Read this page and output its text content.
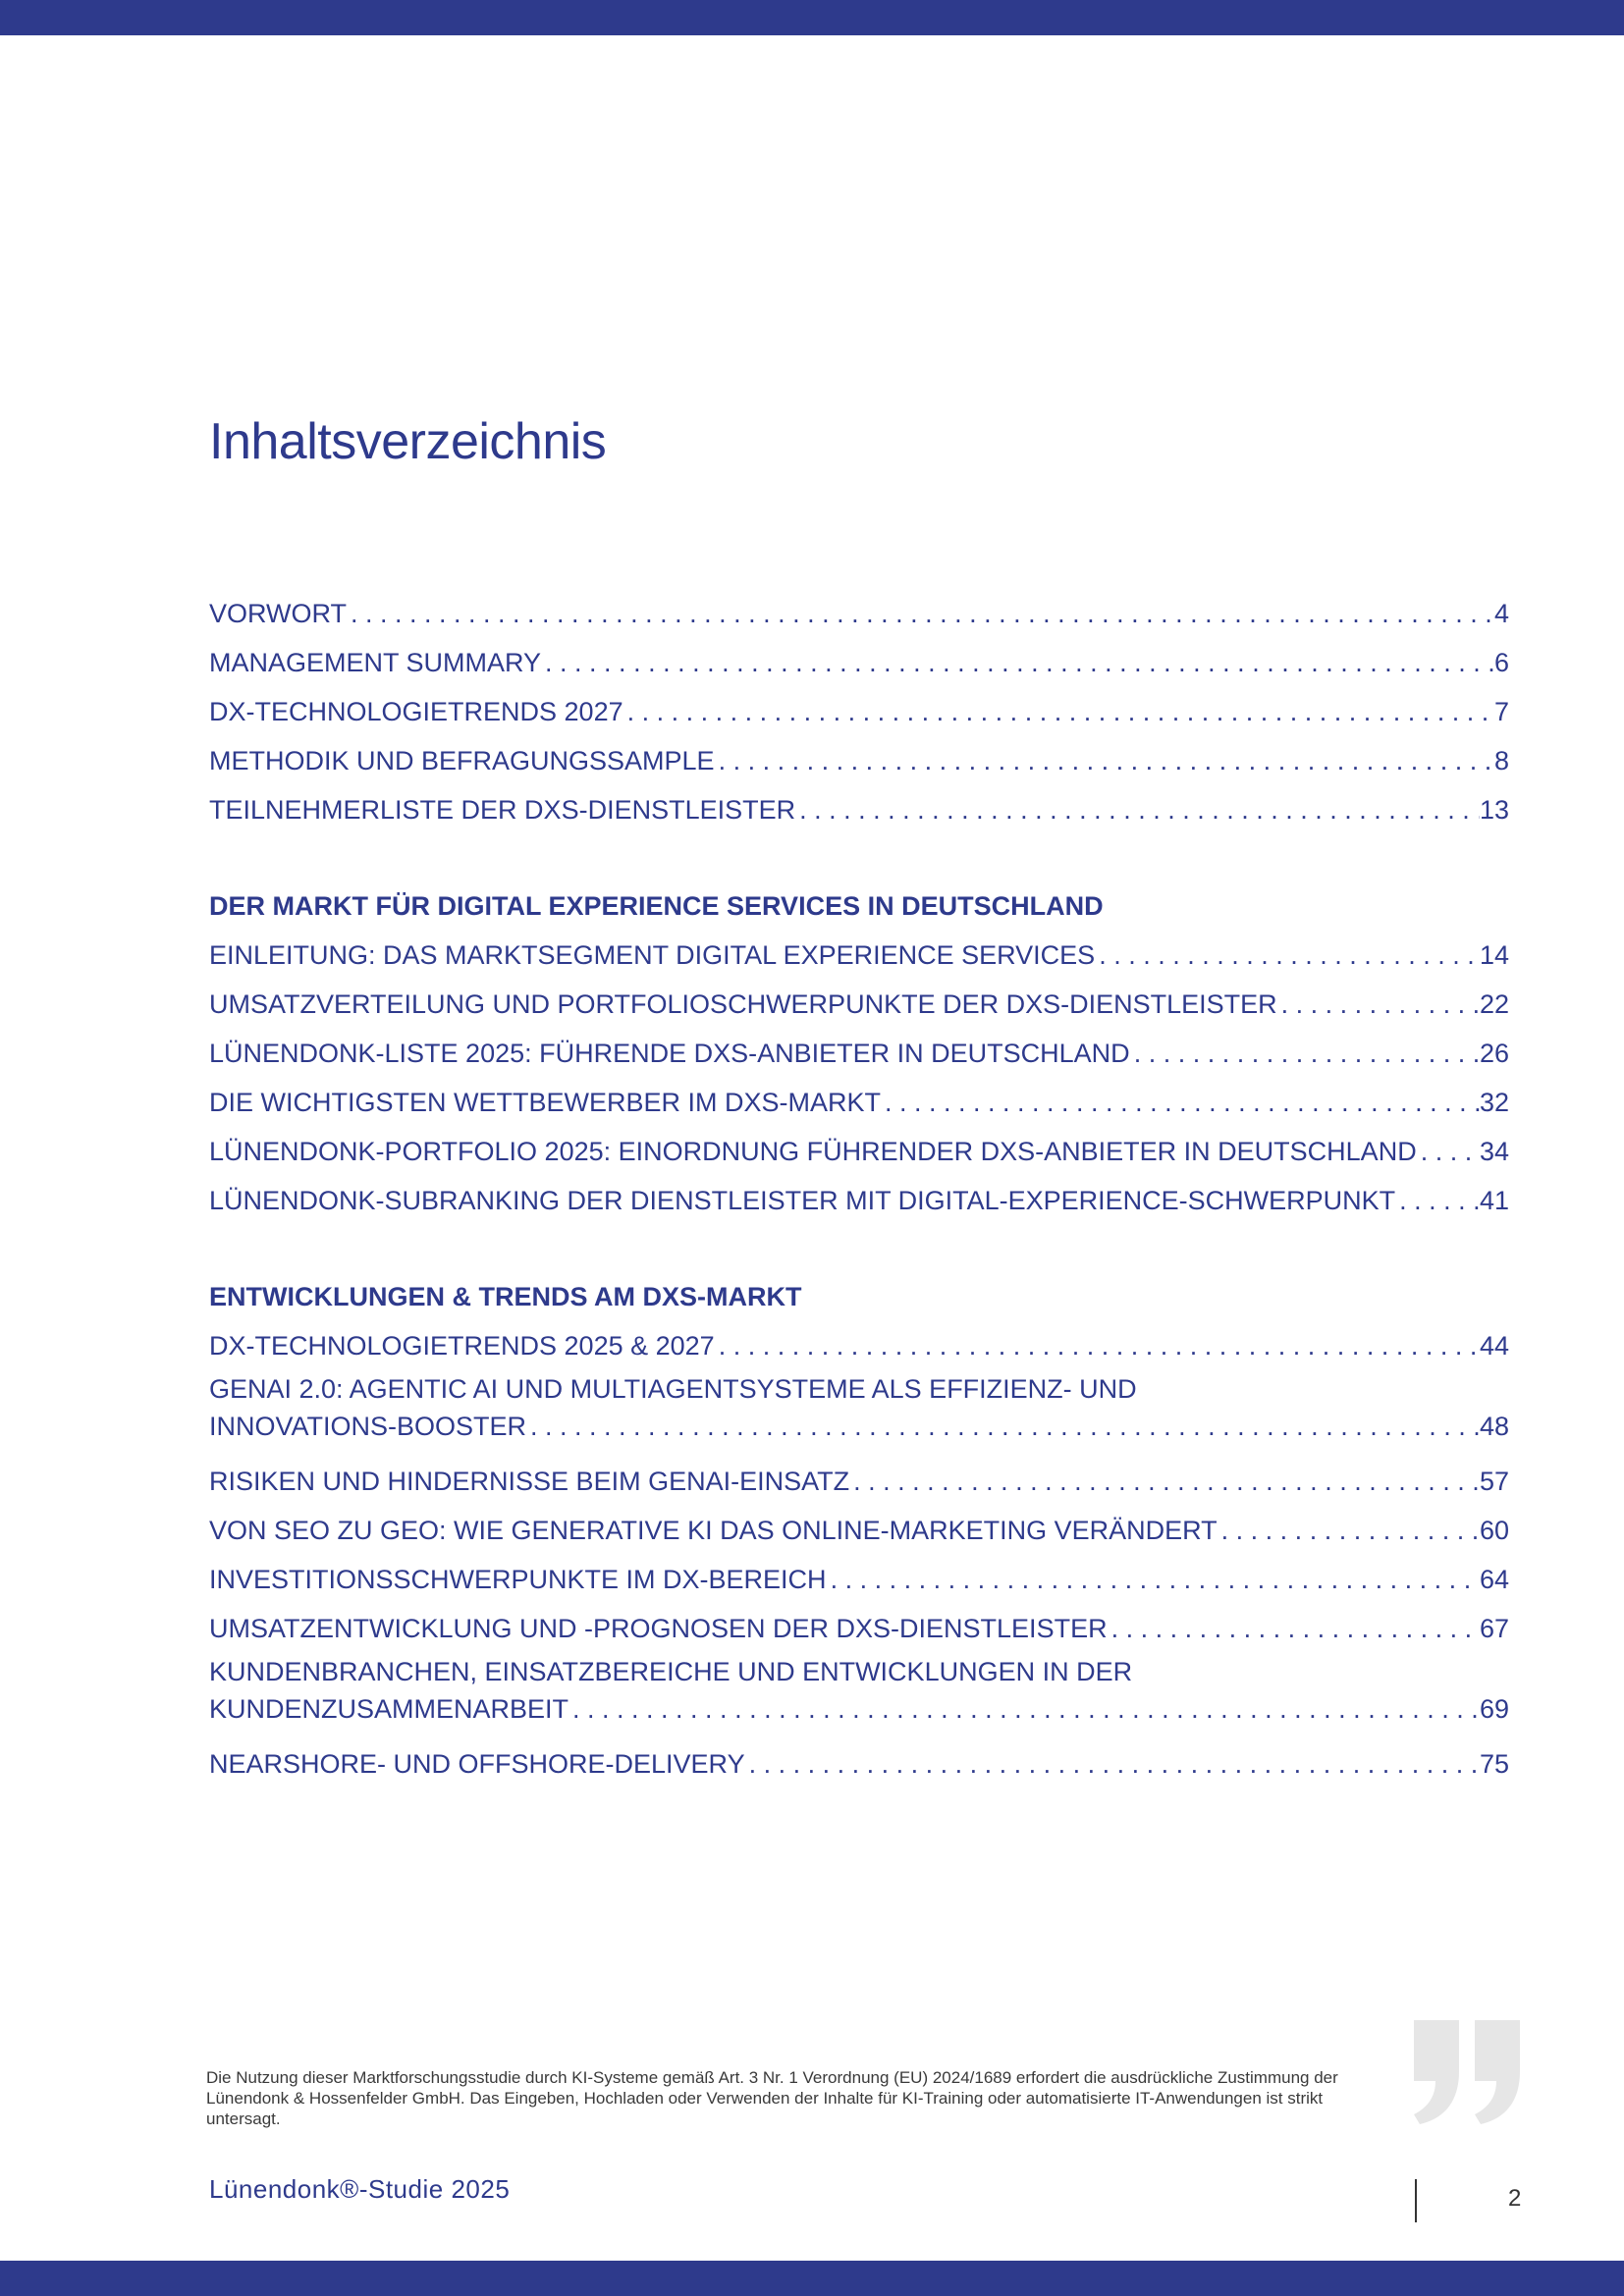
Inhaltsverzeichnis
VORWORT . . .	4
MANAGEMENT SUMMARY . . .	6
DX-TECHNOLOGIETRENDS 2027 . . .	7
METHODIK UND BEFRAGUNGSSAMPLE . . .	8
TEILNEHMERLISTE DER DXS-DIENSTLEISTER . . .	13
DER MARKT FÜR DIGITAL EXPERIENCE SERVICES IN DEUTSCHLAND
EINLEITUNG: DAS MARKTSEGMENT DIGITAL EXPERIENCE SERVICES . . .	14
UMSATZVERTEILUNG UND PORTFOLIOSCHWERPUNKTE DER DXS-DIENSTLEISTER . . .	22
LÜNENDONK-LISTE 2025: FÜHRENDE DXS-ANBIETER IN DEUTSCHLAND . . .	26
DIE WICHTIGSTEN WETTBEWERBER IM DXS-MARKT . . .	32
LÜNENDONK-PORTFOLIO 2025: EINORDNUNG FÜHRENDER DXS-ANBIETER IN DEUTSCHLAND . . . 34
LÜNENDONK-SUBRANKING DER DIENSTLEISTER MIT DIGITAL-EXPERIENCE-SCHWERPUNKT . . .	41
ENTWICKLUNGEN & TRENDS AM DXS-MARKT
DX-TECHNOLOGIETRENDS 2025 & 2027 . . .	44
GENAI 2.0: AGENTIC AI UND MULTIAGENTSYSTEME ALS EFFIZIENZ- UND
INNOVATIONS-BOOSTER . . .	48
RISIKEN UND HINDERNISSE BEIM GENAI-EINSATZ . . .	57
VON SEO ZU GEO: WIE GENERATIVE KI DAS ONLINE-MARKETING VERÄNDERT . . .	60
INVESTITIONSSCHWERPUNKTE IM DX-BEREICH . . .	64
UMSATZENTWICKLUNG UND -PROGNOSEN DER DXS-DIENSTLEISTER . . .	67
KUNDENBRANCHEN, EINSATZBEREICHE UND ENTWICKLUNGEN IN DER
KUNDENZUSAMMENARBEIT . . .	69
NEARSHORE- UND OFFSHORE-DELIVERY . . .	75
Die Nutzung dieser Marktforschungsstudie durch KI-Systeme gemäß Art. 3 Nr. 1 Verordnung (EU) 2024/1689 erfordert die ausdrückliche Zustimmung der Lünendonk & Hossenfelder GmbH. Das Eingeben, Hochladen oder Verwenden der Inhalte für KI-Training oder automatisierte IT-Anwendungen ist strikt untersagt.
Lünendonk®-Studie 2025	2
